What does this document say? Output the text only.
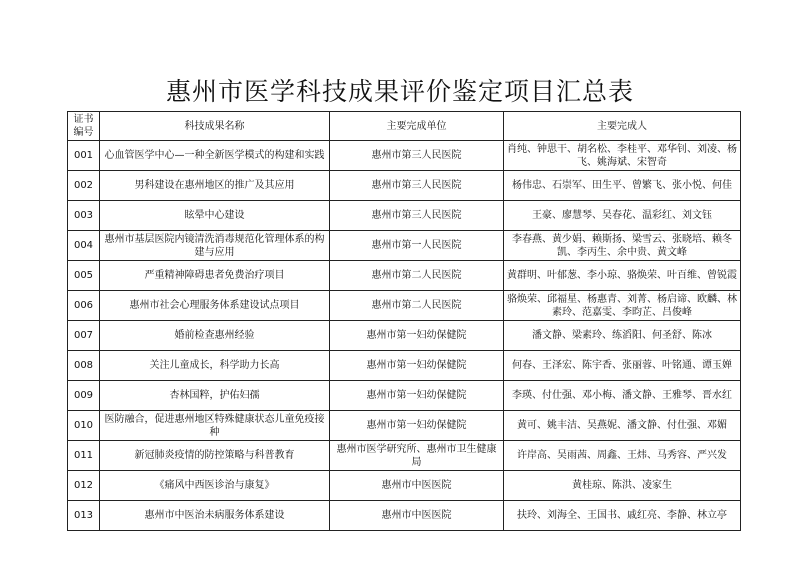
惠州市医学科技成果评价鉴定项目汇总表
证书编号	科技成果名称	主要完成单位	主要完成人
001	心血管医学中心—一种全新医学模式的构建和实践	惠州市第三人民医院	肖纯、钟思干、胡名松、李桂平、邓华钊、刘凌、杨飞、姚海斌、宋智奇
002	男科建设在惠州地区的推广及其应用	惠州市第三人民医院	杨伟忠、石崇军、田生平、曾繁飞、张小悦、何佳
003	眩晕中心建设	惠州市第三人民医院	王豪、廖慧琴、吴春花、温彩红、刘文钰
004	惠州市基层医院内镜清洗消毒规范化管理体系的构建与应用	惠州市第一人民医院	李春燕、黄少娟、赖斯扬、梁雪云、张晓培、赖冬凯、李丙生、余中贵、黄文峰
005	严重精神障碍患者免费治疗项目	惠州市第二人民医院	黄群明、叶郁葱、李小琼、骆焕荣、叶百维、曾锐霞
006	惠州市社会心理服务体系建设试点项目	惠州市第二人民医院	骆焕荣、邱福星、杨惠青、刘菁、杨启谛、欧麟、林素玲、范嘉雯、李昀芷、吕俊峰
007	婚前检查惠州经验	惠州市第一妇幼保健院	潘文静、梁素玲、练滔阳、何圣舒、陈冰
008	关注儿童成长，科学助力长高	惠州市第一妇幼保健院	何春、王泽宏、陈宇香、张丽蓉、叶铭通、谭玉婵
009	杏林国粹，护佑妇孺	惠州市第一妇幼保健院	李瑛、付仕强、邓小梅、潘文静、王雅琴、晋水红
010	医防融合，促进惠州地区特殊健康状态儿童免疫接种	惠州市第一妇幼保健院	黄可、姚丰洁、吴燕妮、潘文静、付仕强、邓媚
011	新冠肺炎疫情的防控策略与科普教育	惠州市医学研究所、惠州市卫生健康局	许岸高、吴雨茜、周鑫、王炜、马秀容、严兴发
012	《痛风中西医诊治与康复》	惠州市中医医院	黄桂琼、陈洪、凌家生
013	惠州市中医治未病服务体系建设	惠州市中医医院	扶玲、刘海全、王国书、戚红亮、李静、林立亭
